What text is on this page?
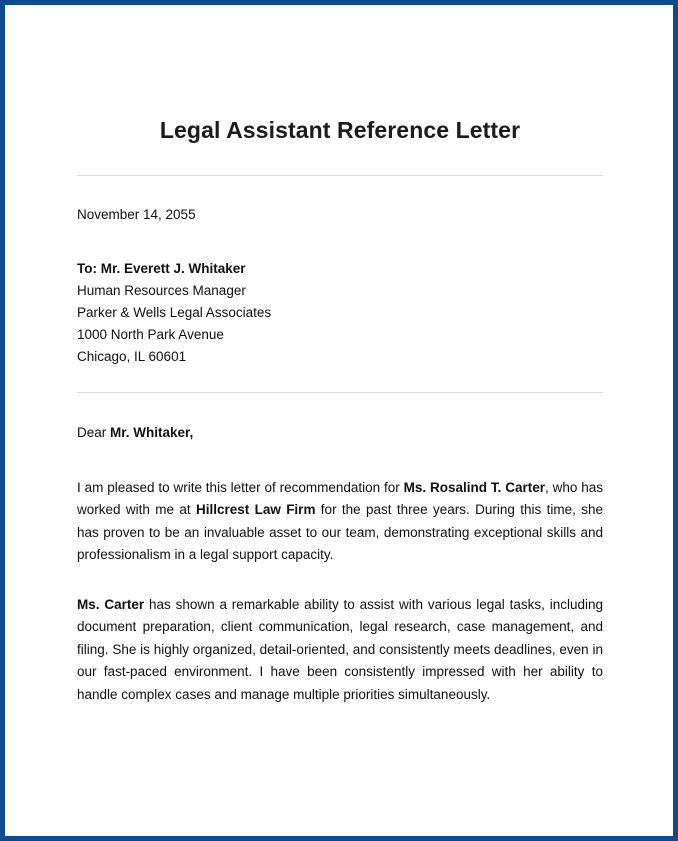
Legal Assistant Reference Letter
November 14, 2055
To: Mr. Everett J. Whitaker
Human Resources Manager
Parker & Wells Legal Associates
1000 North Park Avenue
Chicago, IL 60601
Dear Mr. Whitaker,

I am pleased to write this letter of recommendation for Ms. Rosalind T. Carter, who has worked with me at Hillcrest Law Firm for the past three years. During this time, she has proven to be an invaluable asset to our team, demonstrating exceptional skills and professionalism in a legal support capacity.

Ms. Carter has shown a remarkable ability to assist with various legal tasks, including document preparation, client communication, legal research, case management, and filing. She is highly organized, detail-oriented, and consistently meets deadlines, even in our fast-paced environment. I have been consistently impressed with her ability to handle complex cases and manage multiple priorities simultaneously.
